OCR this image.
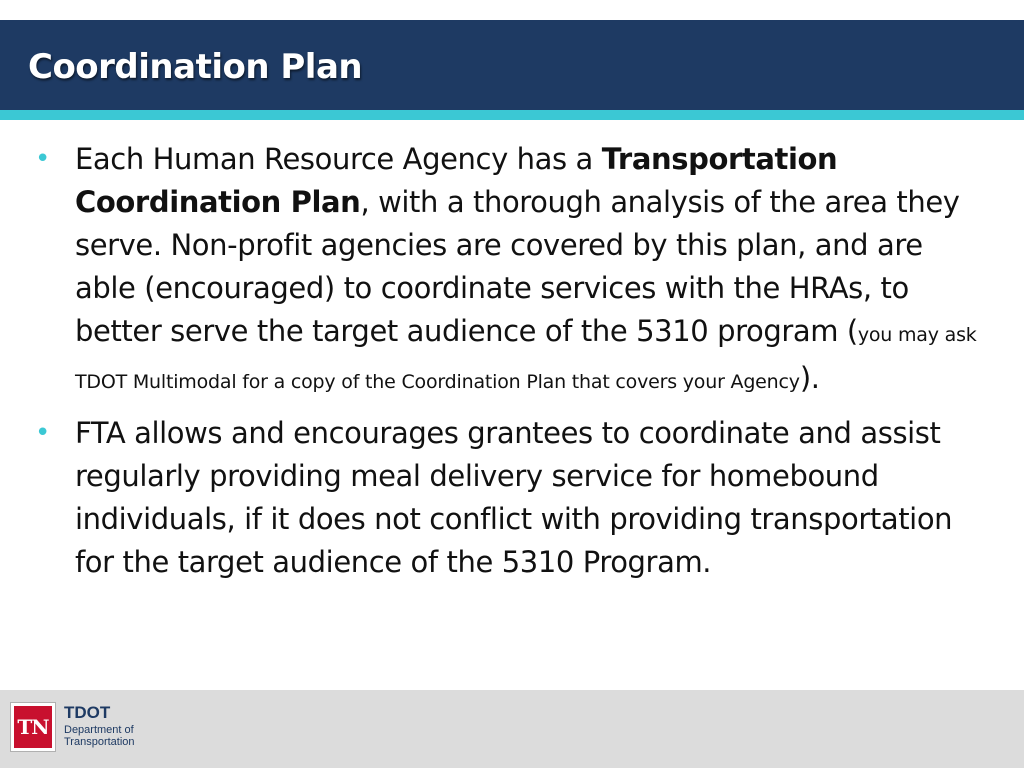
Coordination Plan
• Each Human Resource Agency has a Transportation Coordination Plan, with a thorough analysis of the area they serve. Non-profit agencies are covered by this plan, and are able (encouraged) to coordinate services with the HRAs, to better serve the target audience of the 5310 program (you may ask TDOT Multimodal for a copy of the Coordination Plan that covers your Agency).
• FTA allows and encourages grantees to coordinate and assist regularly providing meal delivery service for homebound individuals, if it does not conflict with providing transportation for the target audience of the 5310 Program.
TN
TDOT
Department of
Transportation
